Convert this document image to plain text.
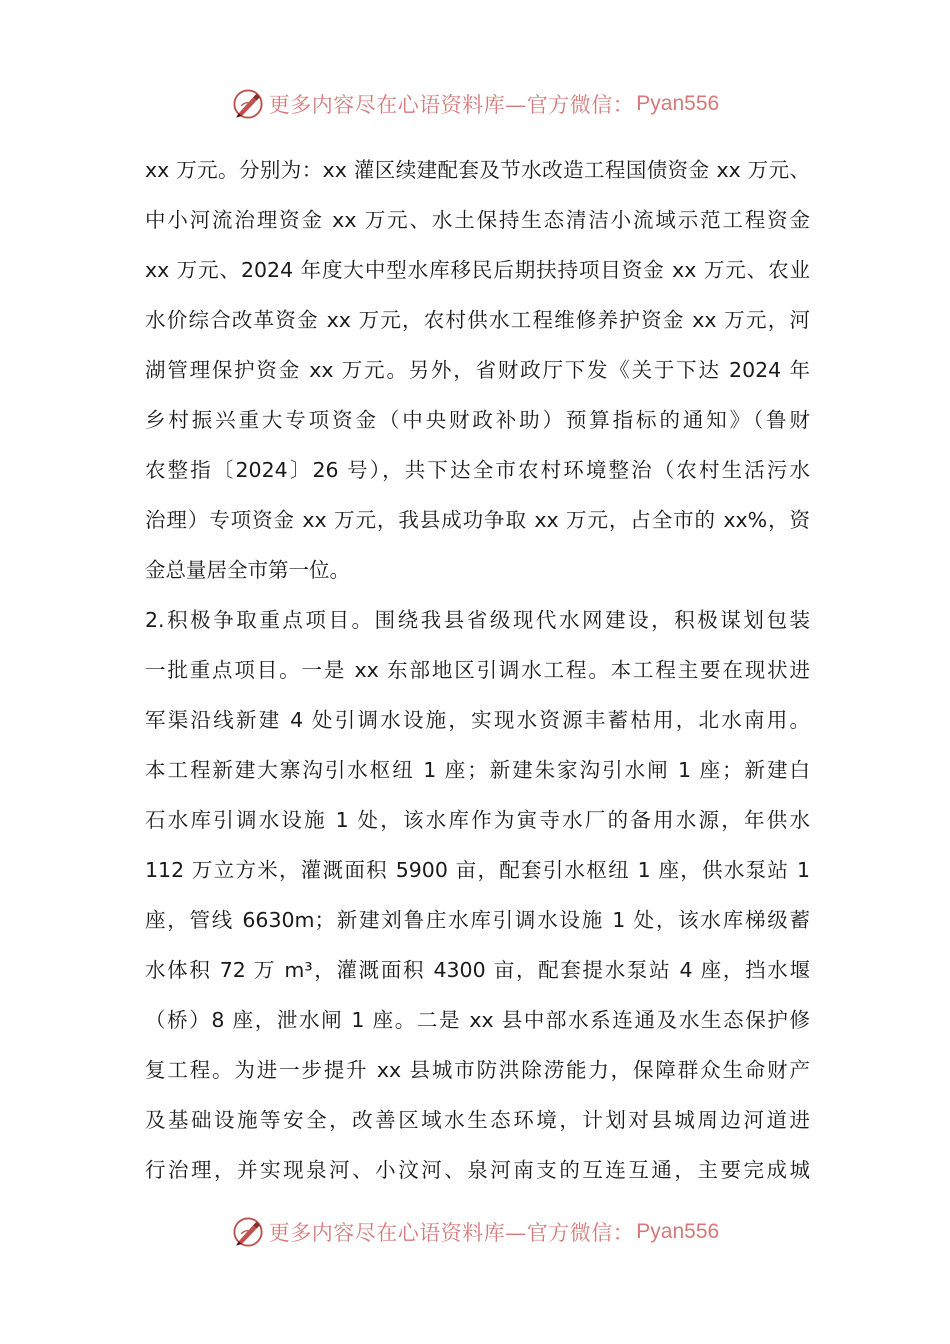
更多内容尽在心语资料库—官方微信： Pyan556
xx 万元。分别为：xx 灌区续建配套及节水改造工程国债资金 xx 万元、
中小河流治理资金 xx 万元、水土保持生态清洁小流域示范工程资金
xx 万元、2024 年度大中型水库移民后期扶持项目资金 xx 万元、农业
水价综合改革资金 xx 万元，农村供水工程维修养护资金 xx 万元，河
湖管理保护资金 xx 万元。另外，省财政厅下发《关于下达 2024 年
乡村振兴重大专项资金（中央财政补助）预算指标的通知》（鲁财
农整指〔2024〕26 号），共下达全市农村环境整治（农村生活污水
治理）专项资金 xx 万元，我县成功争取 xx 万元，占全市的 xx%，资
金总量居全市第一位。
2.积极争取重点项目。围绕我县省级现代水网建设，积极谋划包装
一批重点项目。一是 xx 东部地区引调水工程。本工程主要在现状进
军渠沿线新建 4 处引调水设施，实现水资源丰蓄枯用，北水南用。
本工程新建大寨沟引水枢纽 1 座；新建朱家沟引水闸 1 座；新建白
石水库引调水设施 1 处，该水库作为寅寺水厂的备用水源，年供水
112 万立方米，灌溉面积 5900 亩，配套引水枢纽 1 座，供水泵站 1
座，管线 6630m；新建刘鲁庄水库引调水设施 1 处，该水库梯级蓄
水体积 72 万 m³，灌溉面积 4300 亩，配套提水泵站 4 座，挡水堰
（桥）8 座，泄水闸 1 座。二是 xx 县中部水系连通及水生态保护修
复工程。为进一步提升 xx 县城市防洪除涝能力，保障群众生命财产
及基础设施等安全，改善区域水生态环境，计划对县城周边河道进
行治理，并实现泉河、小汶河、泉河南支的互连互通，主要完成城
更多内容尽在心语资料库—官方微信： Pyan556
